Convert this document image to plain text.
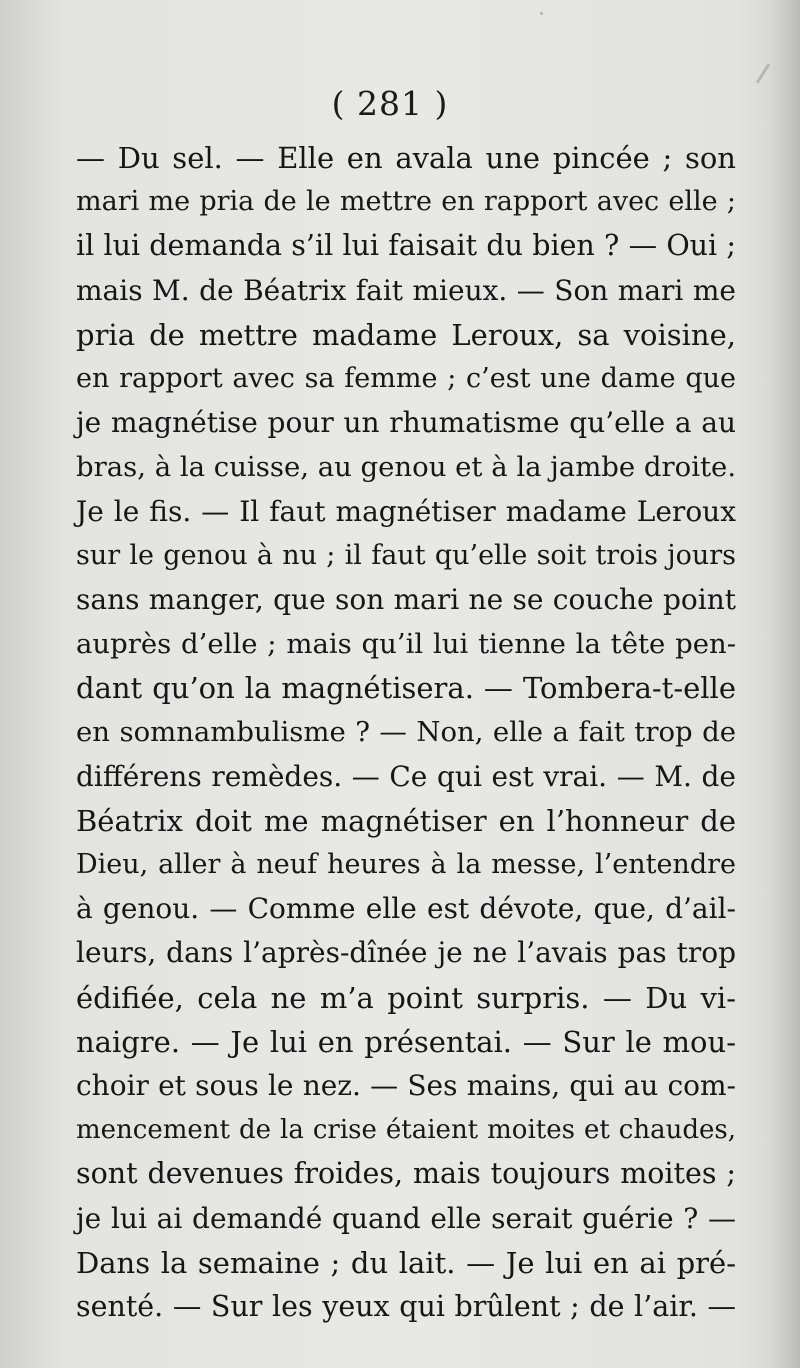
( 281 )
— Du sel. — Elle en avala une pincée ; son
mari me pria de le mettre en rapport avec elle ;
il lui demanda s’il lui faisait du bien ? — Oui ;
mais M. de Béatrix fait mieux. — Son mari me
pria de mettre madame Leroux, sa voisine,
en rapport avec sa femme ; c’est une dame que
je magnétise pour un rhumatisme qu’elle a au
bras, à la cuisse, au genou et à la jambe droite.
Je le fis. — Il faut magnétiser madame Leroux
sur le genou à nu ; il faut qu’elle soit trois jours
sans manger, que son mari ne se couche point
auprès d’elle ; mais qu’il lui tienne la tête pen-
dant qu’on la magnétisera. — Tombera-t-elle
en somnambulisme ? — Non, elle a fait trop de
différens remèdes. — Ce qui est vrai. — M. de
Béatrix doit me magnétiser en l’honneur de
Dieu, aller à neuf heures à la messe, l’entendre
à genou. — Comme elle est dévote, que, d’ail-
leurs, dans l’après-dînée je ne l’avais pas trop
édifiée, cela ne m’a point surpris. — Du vi-
naigre. — Je lui en présentai. — Sur le mou-
choir et sous le nez. — Ses mains, qui au com-
mencement de la crise étaient moites et chaudes,
sont devenues froides, mais toujours moites ;
je lui ai demandé quand elle serait guérie ? —
Dans la semaine ; du lait. — Je lui en ai pré-
senté. — Sur les yeux qui brûlent ; de l’air. —
